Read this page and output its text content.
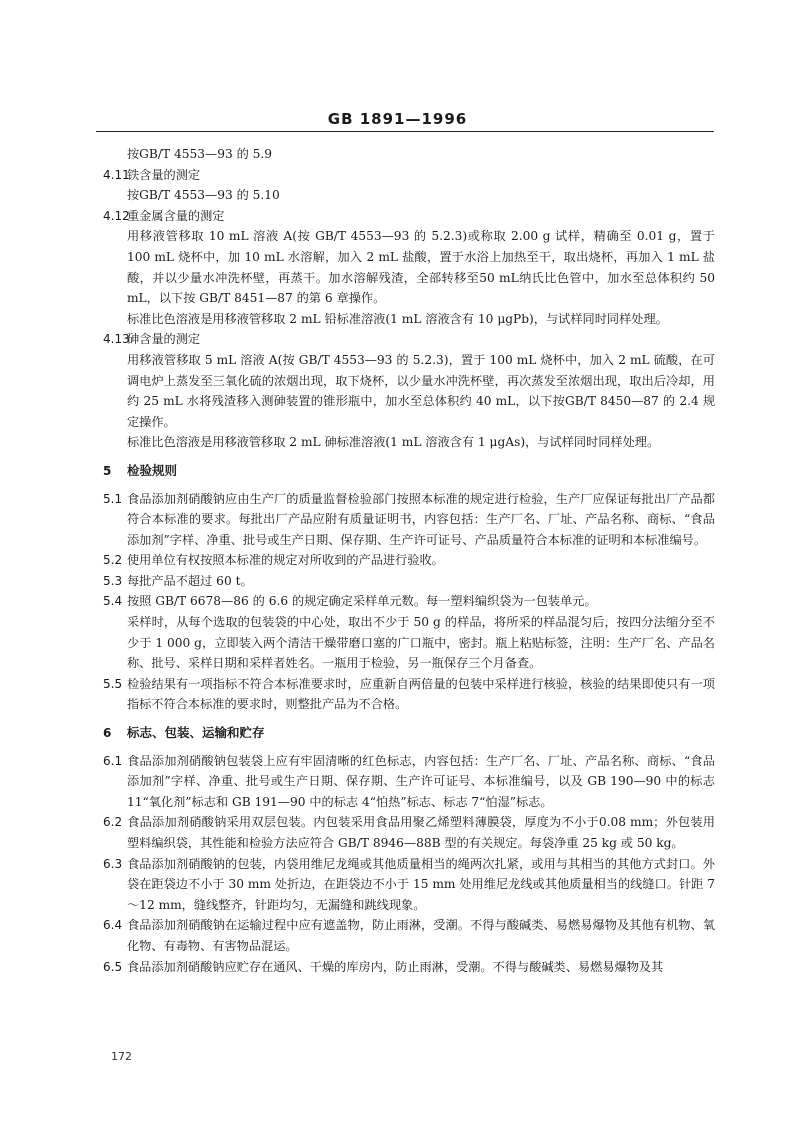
GB 1891—1996

按GB/T 4553—93 的 5.9

4.11铁含量的测定

按GB/T 4553—93 的 5.10

4.12重金属含量的测定

用移液管移取 10 mL 溶液 A(按 GB/T 4553—93 的 5.2.3)或称取 2.00 g 试样，精确至 0.01 g，置于 100 mL 烧杯中，加 10 mL 水溶解，加入 2 mL 盐酸，置于水浴上加热至干，取出烧杯，再加入 1 mL 盐酸，并以少量水冲洗杯壁，再蒸干。加水溶解残渣，全部转移至50 mL纳氏比色管中，加水至总体积约 50 mL，以下按 GB/T 8451—87 的第 6 章操作。

标准比色溶液是用移液管移取 2 mL 铅标准溶液(1 mL 溶液含有 10 μgPb)，与试样同时同样处理。

4.13砷含量的测定

用移液管移取 5 mL 溶液 A(按 GB/T 4553—93 的 5.2.3)，置于 100 mL 烧杯中，加入 2 mL 硫酸，在可调电炉上蒸发至三氧化硫的浓烟出现，取下烧杯，以少量水冲洗杯壁，再次蒸发至浓烟出现，取出后冷却，用约 25 mL 水将残渣移入测砷装置的锥形瓶中，加水至总体积约 40 mL，以下按GB/T 8450—87 的 2.4 规定操作。

标准比色溶液是用移液管移取 2 mL 砷标准溶液(1 mL 溶液含有 1 μgAs)，与试样同时同样处理。

5 检验规则

5.1 食品添加剂硝酸钠应由生产厂的质量监督检验部门按照本标准的规定进行检验，生产厂应保证每批出厂产品都符合本标准的要求。每批出厂产品应附有质量证明书，内容包括：生产厂名、厂址、产品名称、商标、“食品添加剂”字样、净重、批号或生产日期、保存期、生产许可证号、产品质量符合本标准的证明和本标准编号。

5.2 使用单位有权按照本标准的规定对所收到的产品进行验收。

5.3 每批产品不超过 60 t。

5.4 按照 GB/T 6678—86 的 6.6 的规定确定采样单元数。每一塑料编织袋为一包装单元。

采样时，从每个选取的包装袋的中心处，取出不少于 50 g 的样品，将所采的样品混匀后，按四分法缩分至不少于 1 000 g，立即装入两个清洁干燥带磨口塞的广口瓶中，密封。瓶上粘贴标签，注明：生产厂名、产品名称、批号、采样日期和采样者姓名。一瓶用于检验，另一瓶保存三个月备查。

5.5 检验结果有一项指标不符合本标准要求时，应重新自两倍量的包装中采样进行核验，核验的结果即使只有一项指标不符合本标准的要求时，则整批产品为不合格。

6 标志、包装、运输和贮存

6.1 食品添加剂硝酸钠包装袋上应有牢固清晰的红色标志，内容包括：生产厂名、厂址、产品名称、商标、“食品添加剂”字样、净重、批号或生产日期、保存期、生产许可证号、本标准编号，以及 GB 190—90 中的标志 11“氧化剂”标志和 GB 191—90 中的标志 4“怕热”标志、标志 7“怕湿”标志。

6.2 食品添加剂硝酸钠采用双层包装。内包装采用食品用聚乙烯塑料薄膜袋，厚度为不小于0.08 mm；外包装用塑料编织袋，其性能和检验方法应符合 GB/T 8946—88B 型的有关规定。每袋净重 25 kg 或 50 kg。

6.3 食品添加剂硝酸钠的包装，内袋用维尼龙绳或其他质量相当的绳两次扎紧，或用与其相当的其他方式封口。外袋在距袋边不小于 30 mm 处折边，在距袋边不小于 15 mm 处用维尼龙线或其他质量相当的线缝口。针距 7～12 mm，缝线整齐，针距均匀，无漏缝和跳线现象。

6.4 食品添加剂硝酸钠在运输过程中应有遮盖物，防止雨淋，受潮。不得与酸碱类、易燃易爆物及其他有机物、氧化物、有毒物、有害物品混运。

6.5 食品添加剂硝酸钠应贮存在通风、干燥的库房内，防止雨淋，受潮。不得与酸碱类、易燃易爆物及其

172
